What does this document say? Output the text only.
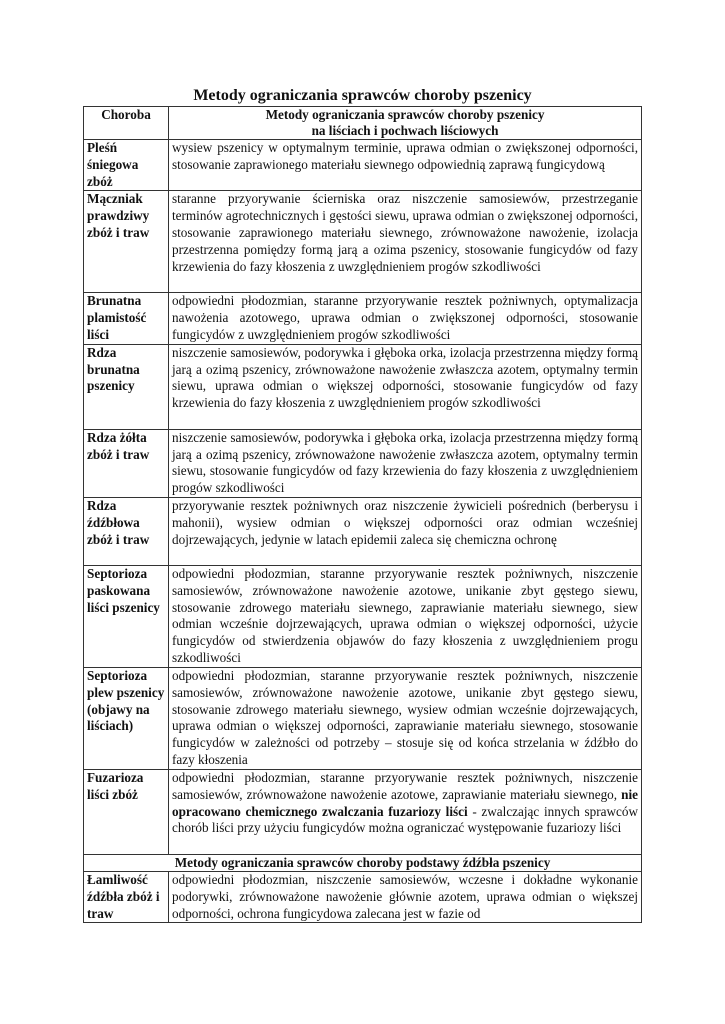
Metody ograniczania sprawców choroby pszenicy
Choroba	Metody ograniczania sprawców choroby pszenicy
na liściach i pochwach liściowych
Pleśń śniegowa zbóż	wysiew pszenicy w optymalnym terminie, uprawa odmian o zwiększonej odporności, stosowanie zaprawionego materiału siewnego odpowiednią zaprawą fungicydową
Mączniak prawdziwy zbóż i traw	staranne przyorywanie ścierniska oraz niszczenie samosiewów, przestrzeganie terminów agrotechnicznych i gęstości siewu, uprawa odmian o zwiększonej odporności, stosowanie zaprawionego materiału siewnego, zrównoważone nawożenie, izolacja przestrzenna pomiędzy formą jarą a ozima pszenicy, stosowanie fungicydów od fazy krzewienia do fazy kłoszenia z uwzględnieniem progów szkodliwości
Brunatna plamistość liści	odpowiedni płodozmian, staranne przyorywanie resztek pożniwnych, optymalizacja nawożenia azotowego, uprawa odmian o zwiększonej odporności, stosowanie fungicydów z uwzględnieniem progów szkodliwości
Rdza brunatna pszenicy	niszczenie samosiewów, podorywka i głęboka orka, izolacja przestrzenna między formą jarą a ozimą pszenicy, zrównoważone nawożenie zwłaszcza azotem, optymalny termin siewu, uprawa odmian o większej odporności, stosowanie fungicydów od fazy krzewienia do fazy kłoszenia z uwzględnieniem progów szkodliwości
Rdza żółta zbóż i traw	niszczenie samosiewów, podorywka i głęboka orka, izolacja przestrzenna między formą jarą a ozimą pszenicy, zrównoważone nawożenie zwłaszcza azotem, optymalny termin siewu, stosowanie fungicydów od fazy krzewienia do fazy kłoszenia z uwzględnieniem progów szkodliwości
Rdza źdźbłowa zbóż i traw	przyorywanie resztek pożniwnych oraz niszczenie żywicieli pośrednich (berberysu i mahonii), wysiew odmian o większej odporności oraz odmian wcześniej dojrzewających, jedynie w latach epidemii zaleca się chemiczna ochronę
Septorioza paskowana liści pszenicy	odpowiedni płodozmian, staranne przyorywanie resztek pożniwnych, niszczenie samosiewów, zrównoważone nawożenie azotowe, unikanie zbyt gęstego siewu, stosowanie zdrowego materiału siewnego, zaprawianie materiału siewnego, siew odmian wcześnie dojrzewających, uprawa odmian o większej odporności, użycie fungicydów od stwierdzenia objawów do fazy kłoszenia z uwzględnieniem progu szkodliwości
Septorioza plew pszenicy (objawy na liściach)	odpowiedni płodozmian, staranne przyorywanie resztek pożniwnych, niszczenie samosiewów, zrównoważone nawożenie azotowe, unikanie zbyt gęstego siewu, stosowanie zdrowego materiału siewnego, wysiew odmian wcześnie dojrzewających, uprawa odmian o większej odporności, zaprawianie materiału siewnego, stosowanie fungicydów w zależności od potrzeby – stosuje się od końca strzelania w źdźbło do fazy kłoszenia
Fuzarioza liści zbóż	odpowiedni płodozmian, staranne przyorywanie resztek pożniwnych, niszczenie samosiewów, zrównoważone nawożenie azotowe, zaprawianie materiału siewnego, nie opracowano chemicznego zwalczania fuzariozy liści - zwalczając innych sprawców chorób liści przy użyciu fungicydów można ograniczać występowanie fuzariozy liści
Metody ograniczania sprawców choroby podstawy źdźbła pszenicy	
Łamliwość źdźbła zbóż i traw	odpowiedni płodozmian, niszczenie samosiewów, wczesne i dokładne wykonanie podorywki, zrównoważone nawożenie głównie azotem, uprawa odmian o większej odporności, ochrona fungicydowa zalecana jest w fazie od
